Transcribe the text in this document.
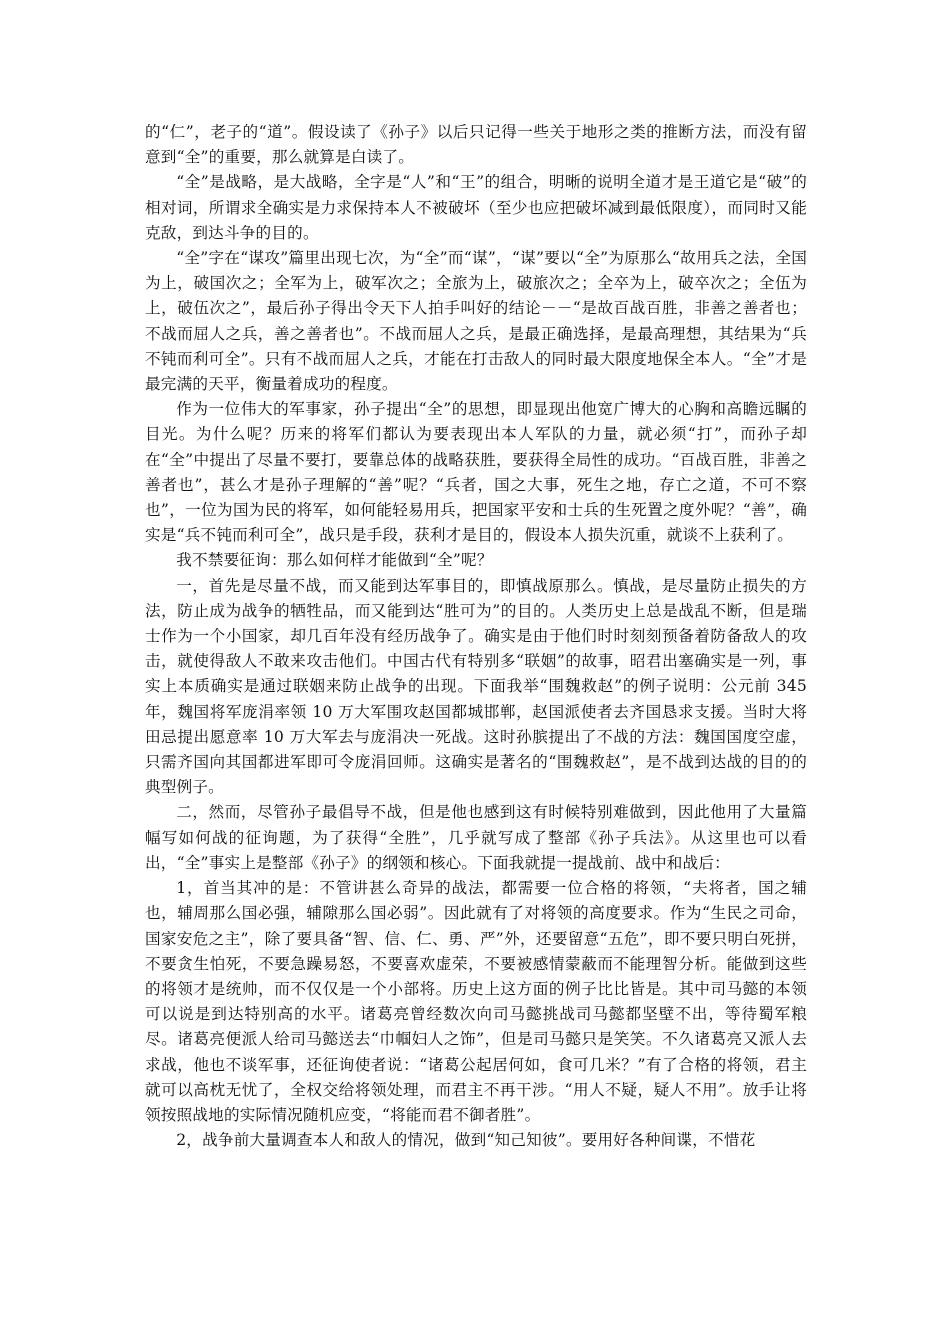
的“仁”，老子的“道”。假设读了《孙子》以后只记得一些关于地形之类的推断方法，而没有留意到“全”的重要，那么就算是白读了。

“全”是战略，是大战略，全字是“人”和“王”的组合，明晰的说明全道才是王道它是“破”的相对词，所谓求全确实是力求保持本人不被破坏（至少也应把破坏减到最低限度），而同时又能克敌，到达斗争的目的。

“全”字在“谋攻”篇里出现七次，为“全”而“谋”，“谋”要以“全”为原那么“故用兵之法，全国为上，破国次之；全军为上，破军次之；全旅为上，破旅次之；全卒为上，破卒次之；全伍为上，破伍次之”，最后孙子得出令天下人拍手叫好的结论－－“是故百战百胜，非善之善者也；不战而屈人之兵，善之善者也”。不战而屈人之兵，是最正确选择，是最高理想，其结果为“兵不钝而利可全”。只有不战而屈人之兵，才能在打击敌人的同时最大限度地保全本人。“全”才是最完满的天平，衡量着成功的程度。

作为一位伟大的军事家，孙子提出“全”的思想，即显现出他宽广博大的心胸和高瞻远瞩的目光。为什么呢？历来的将军们都认为要表现出本人军队的力量，就必须“打”，而孙子却在“全”中提出了尽量不要打，要靠总体的战略获胜，要获得全局性的成功。“百战百胜，非善之善者也”，甚么才是孙子理解的“善”呢？“兵者，国之大事，死生之地，存亡之道，不可不察也”，一位为国为民的将军，如何能轻易用兵，把国家平安和士兵的生死置之度外呢？“善”，确实是“兵不钝而利可全”，战只是手段，获利才是目的，假设本人损失沉重，就谈不上获利了。

我不禁要征询：那么如何样才能做到“全”呢？

一，首先是尽量不战，而又能到达军事目的，即慎战原那么。慎战，是尽量防止损失的方法，防止成为战争的牺牲品，而又能到达“胜可为”的目的。人类历史上总是战乱不断，但是瑞士作为一个小国家，却几百年没有经历战争了。确实是由于他们时时刻刻预备着防备敌人的攻击，就使得敌人不敢来攻击他们。中国古代有特别多“联姻”的故事，昭君出塞确实是一列，事实上本质确实是通过联姻来防止战争的出现。下面我举“围魏救赵”的例子说明：公元前 345 年，魏国将军庞涓率领 10 万大军围攻赵国都城邯郸，赵国派使者去齐国恳求支援。当时大将田忌提出愿意率 10 万大军去与庞涓决一死战。这时孙膑提出了不战的方法：魏国国度空虚，只需齐国向其国都进军即可令庞涓回师。这确实是著名的“围魏救赵”，是不战到达战的目的的典型例子。

二，然而，尽管孙子最倡导不战，但是他也感到这有时候特别难做到，因此他用了大量篇幅写如何战的征询题，为了获得“全胜”，几乎就写成了整部《孙子兵法》。从这里也可以看出，“全”事实上是整部《孙子》的纲领和核心。下面我就提一提战前、战中和战后：

1，首当其冲的是：不管讲甚么奇异的战法，都需要一位合格的将领，“夫将者，国之辅也，辅周那么国必强，辅隙那么国必弱”。因此就有了对将领的高度要求。作为“生民之司命，国家安危之主”，除了要具备“智、信、仁、勇、严”外，还要留意“五危”，即不要只明白死拼，不要贪生怕死，不要急躁易怒，不要喜欢虚荣，不要被感情蒙蔽而不能理智分析。能做到这些的将领才是统帅，而不仅仅是一个小部将。历史上这方面的例子比比皆是。其中司马懿的本领可以说是到达特别高的水平。诸葛亮曾经数次向司马懿挑战司马懿都坚壁不出，等待蜀军粮尽。诸葛亮便派人给司马懿送去“巾帼妇人之饰”，但是司马懿只是笑笑。不久诸葛亮又派人去求战，他也不谈军事，还征询使者说：“诸葛公起居何如，食可几米？”有了合格的将领，君主就可以高枕无忧了，全权交给将领处理，而君主不再干涉。“用人不疑，疑人不用”。放手让将领按照战地的实际情况随机应变，“将能而君不御者胜”。

2，战争前大量调查本人和敌人的情况，做到“知己知彼”。要用好各种间谍，不惜花
